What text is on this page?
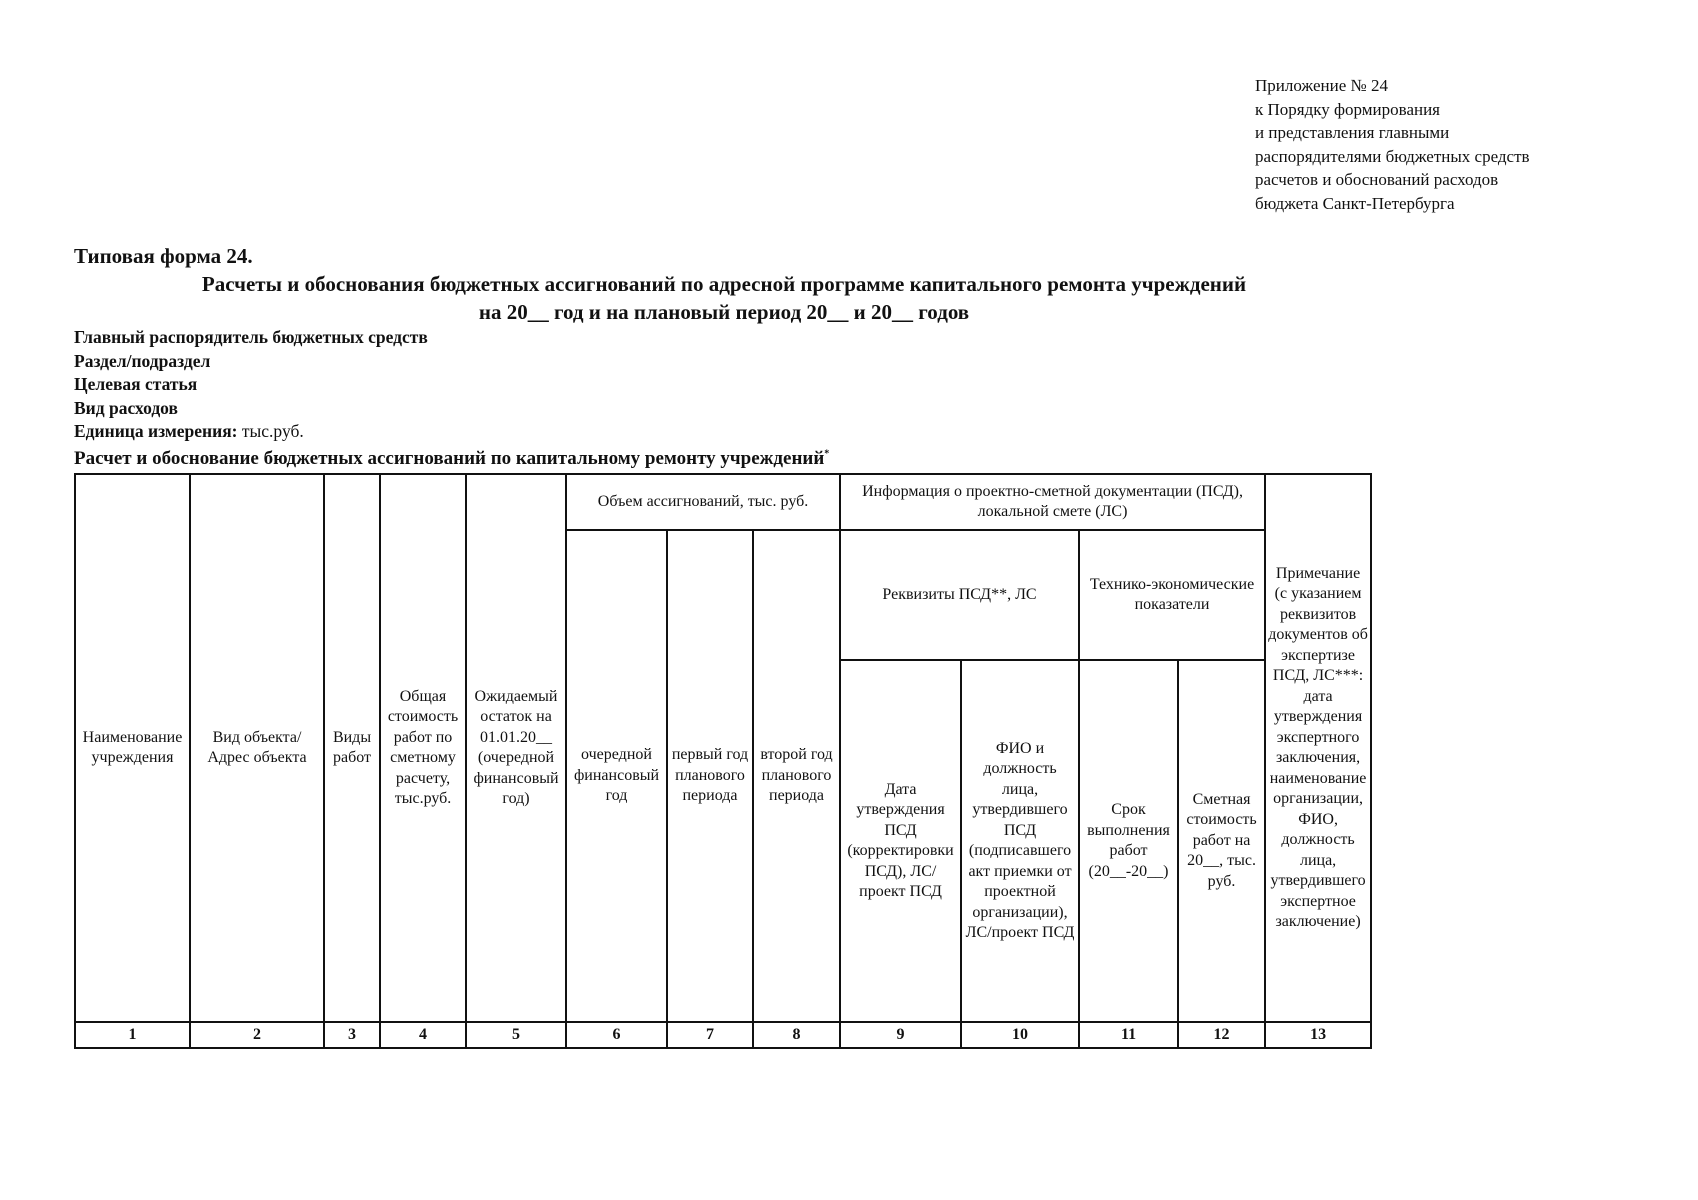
Приложение № 24
к Порядку формирования
и представления главными
распорядителями бюджетных средств
расчетов и обоснований расходов
бюджета Санкт-Петербурга
Типовая форма 24.
Расчеты и обоснования бюджетных ассигнований по адресной программе капитального ремонта учреждений
на 20__ год и на плановый период 20__ и 20__ годов
Главный распорядитель бюджетных средств
Раздел/подраздел
Целевая статья
Вид расходов
Единица измерения: тыс.руб.
Расчет и обоснование бюджетных ассигнований по капитальному ремонту учреждений*
Наименование учреждения	Вид объекта/ Адрес объекта	Виды работ	Общая стоимость работ по сметному расчету, тыс.руб.	Ожидаемый остаток на 01.01.20__ (очередной финансовый год)	Объем ассигнований, тыс. руб.			Информация о проектно-сметной документации (ПСД), локальной смете (ЛС)				Примечание (с указанием реквизитов документов об экспертизе ПСД, ЛС***: дата утверждения экспертного заключения, наименование организации, ФИО, должность лица, утвердившего экспертное заключение)
					очередной финансовый год	первый год планового периода	второй год планового периода	Реквизиты ПСД**, ЛС		Технико-экономические показатели		
								Дата утверждения ПСД (корректировки ПСД), ЛС/проект ПСД	ФИО и должность лица, утвердившего ПСД (подписавшего акт приемки от проектной организации), ЛС/проект ПСД	Срок выполнения работ (20__-20__)	Сметная стоимость работ на 20__, тыс. руб.	
1	2	3	4	5	6	7	8	9	10	11	12	13
